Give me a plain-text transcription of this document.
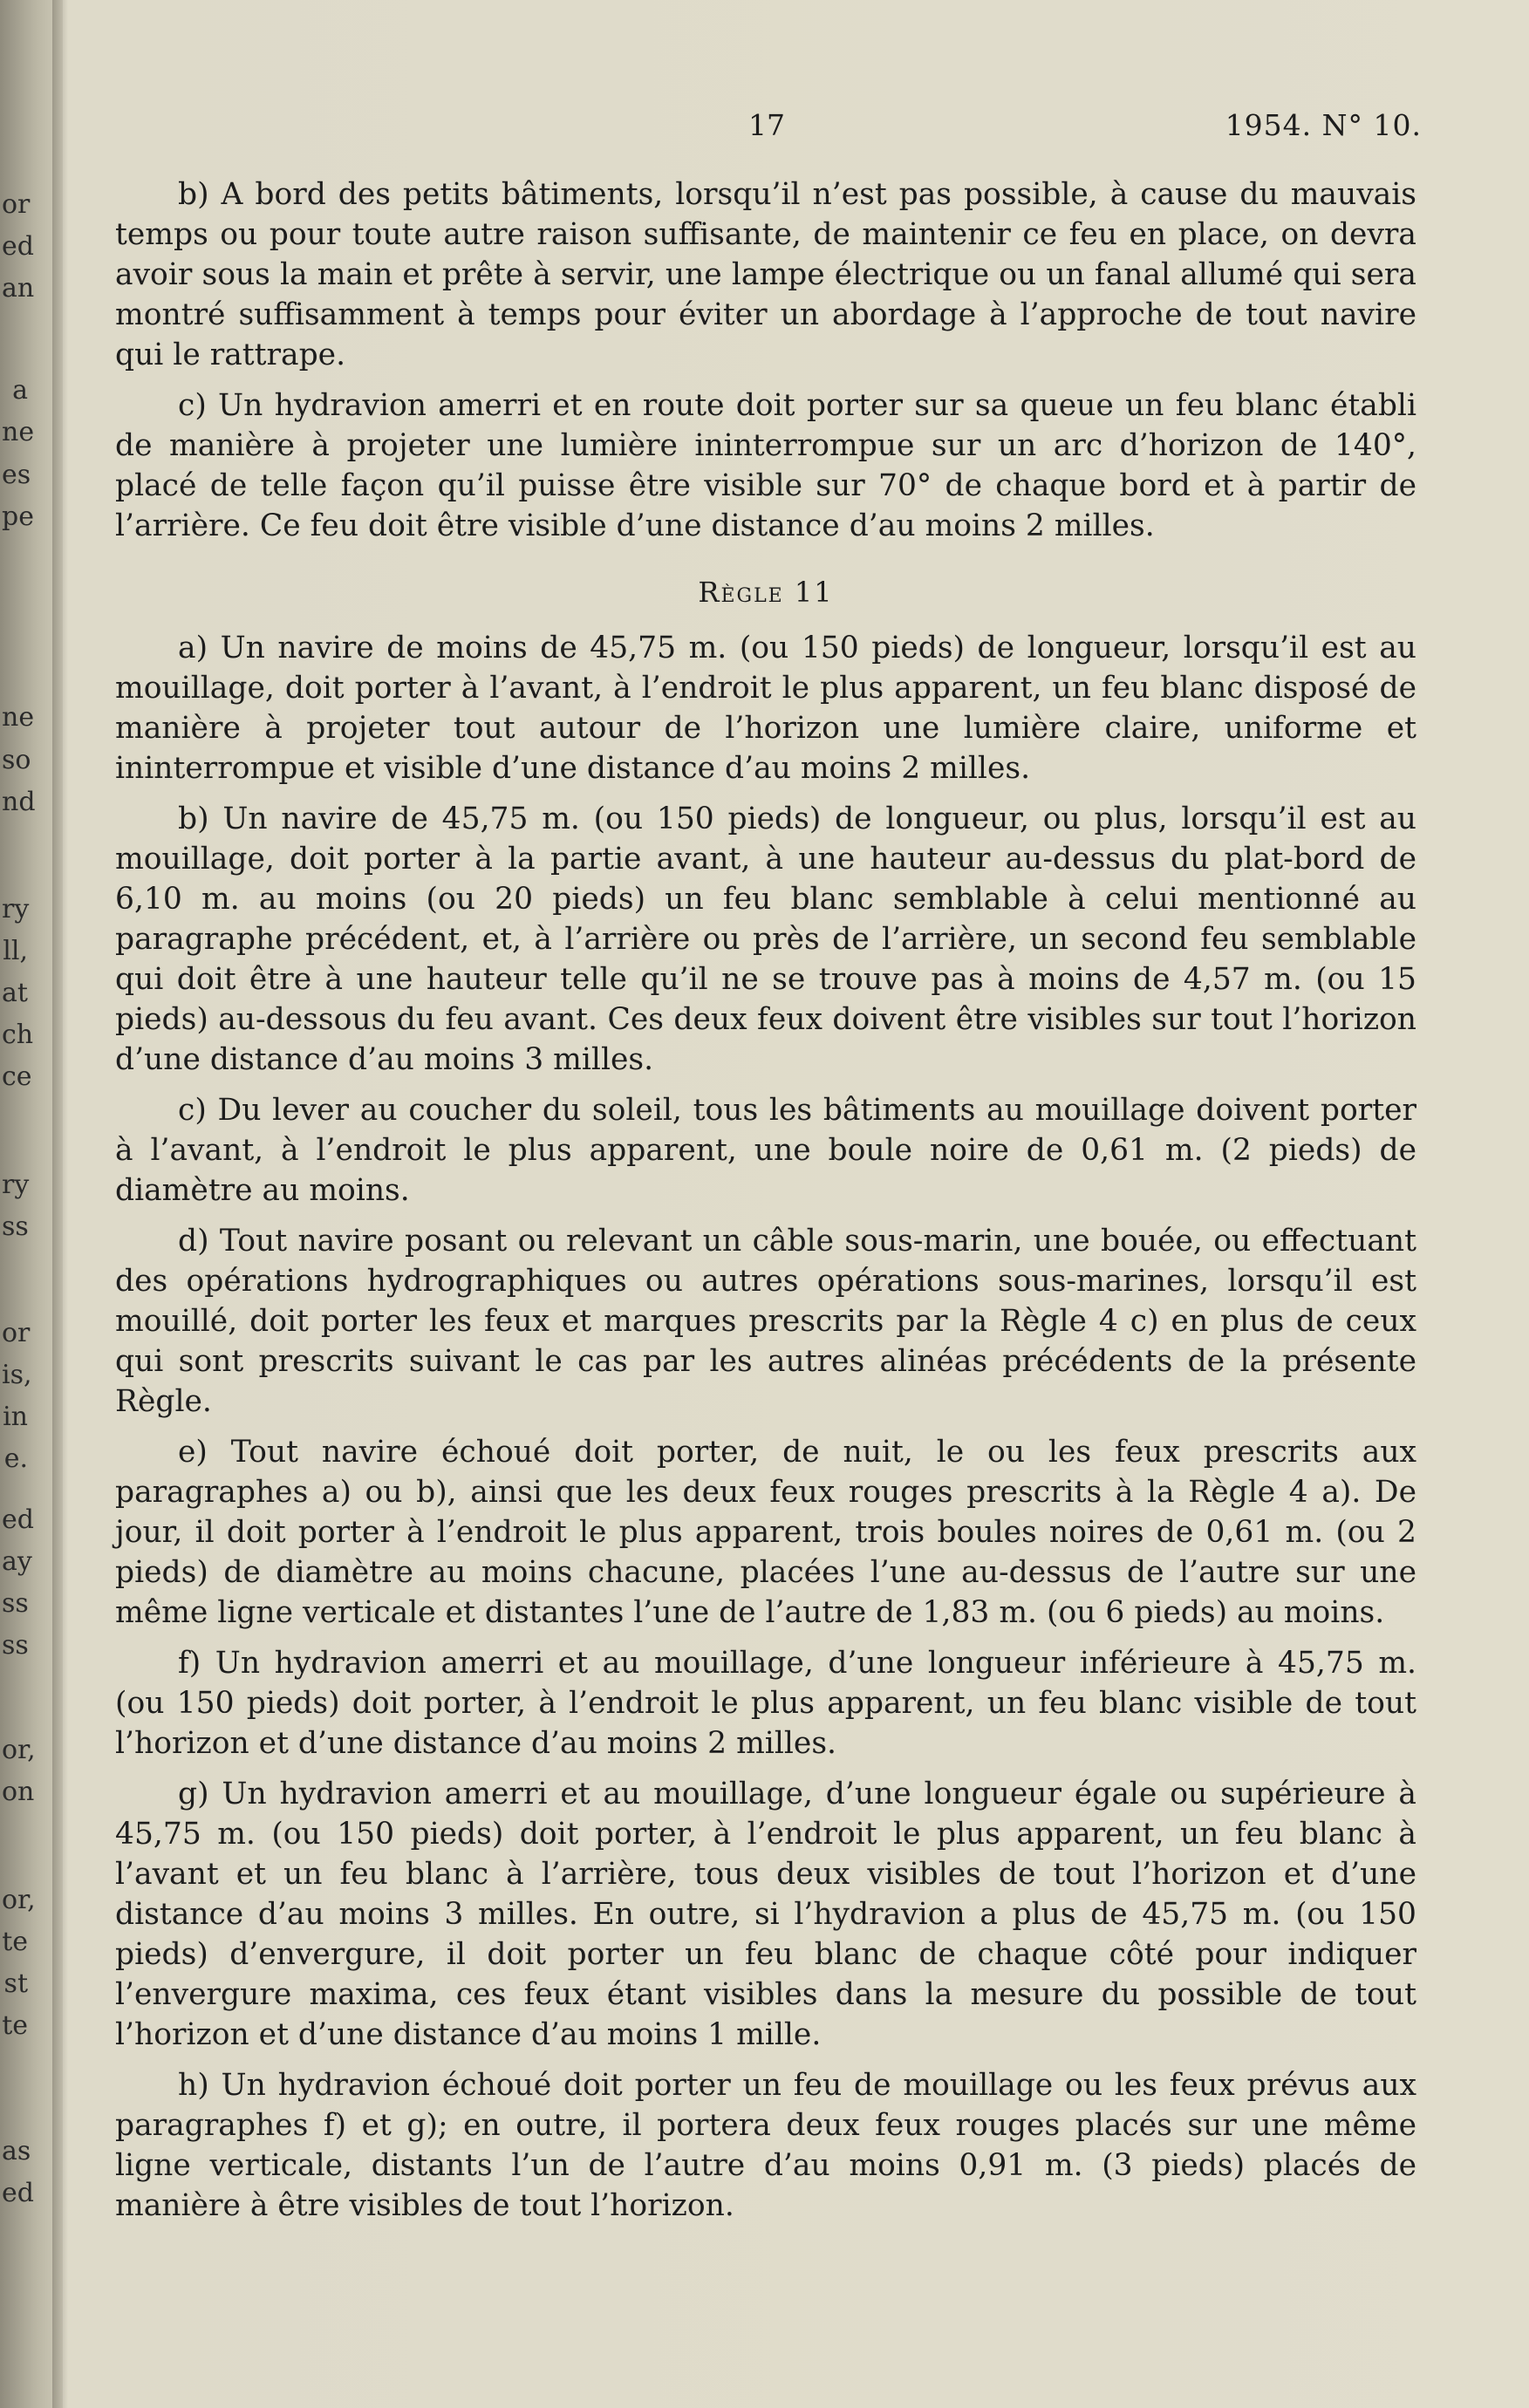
or
ed
an
a
ne
es
pe
ne
so
nd
ry
ll,
at
ch
ce
ry
ss
or
is,
in
e.
ed
ay
ss
ss
or,
on
or,
te
st
te
as
ed
17	1954. N° 10.

b) A bord des petits bâtiments, lorsqu’il n’est pas possible, à cause du mauvais temps ou pour toute autre raison suffisante, de maintenir ce feu en place, on devra avoir sous la main et prête à servir, une lampe électrique ou un fanal allumé qui sera montré suffisamment à temps pour éviter un abordage à l’approche de tout navire qui le rattrape.

c) Un hydravion amerri et en route doit porter sur sa queue un feu blanc établi de manière à projeter une lumière ininterrompue sur un arc d’horizon de 140°, placé de telle façon qu’il puisse être visible sur 70° de chaque bord et à partir de l’arrière. Ce feu doit être visible d’une distance d’au moins 2 milles.

Règle 11

a) Un navire de moins de 45,75 m. (ou 150 pieds) de longueur, lorsqu’il est au mouillage, doit porter à l’avant, à l’endroit le plus apparent, un feu blanc disposé de manière à projeter tout autour de l’horizon une lumière claire, uniforme et ininterrompue et visible d’une distance d’au moins 2 milles.

b) Un navire de 45,75 m. (ou 150 pieds) de longueur, ou plus, lorsqu’il est au mouillage, doit porter à la partie avant, à une hauteur au-dessus du plat-bord de 6,10 m. au moins (ou 20 pieds) un feu blanc semblable à celui mentionné au paragraphe précédent, et, à l’arrière ou près de l’arrière, un second feu semblable qui doit être à une hauteur telle qu’il ne se trouve pas à moins de 4,57 m. (ou 15 pieds) au-dessous du feu avant. Ces deux feux doivent être visibles sur tout l’horizon d’une distance d’au moins 3 milles.

c) Du lever au coucher du soleil, tous les bâtiments au mouillage doivent porter à l’avant, à l’endroit le plus apparent, une boule noire de 0,61 m. (2 pieds) de diamètre au moins.

d) Tout navire posant ou relevant un câble sous-marin, une bouée, ou effectuant des opérations hydrographiques ou autres opérations sous-marines, lorsqu’il est mouillé, doit porter les feux et marques prescrits par la Règle 4 c) en plus de ceux qui sont prescrits suivant le cas par les autres alinéas précédents de la présente Règle.

e) Tout navire échoué doit porter, de nuit, le ou les feux prescrits aux paragraphes a) ou b), ainsi que les deux feux rouges prescrits à la Règle 4 a). De jour, il doit porter à l’endroit le plus apparent, trois boules noires de 0,61 m. (ou 2 pieds) de diamètre au moins chacune, placées l’une au-dessus de l’autre sur une même ligne verticale et distantes l’une de l’autre de 1,83 m. (ou 6 pieds) au moins.

f) Un hydravion amerri et au mouillage, d’une longueur inférieure à 45,75 m. (ou 150 pieds) doit porter, à l’endroit le plus apparent, un feu blanc visible de tout l’horizon et d’une distance d’au moins 2 milles.

g) Un hydravion amerri et au mouillage, d’une longueur égale ou supérieure à 45,75 m. (ou 150 pieds) doit porter, à l’endroit le plus apparent, un feu blanc à l’avant et un feu blanc à l’arrière, tous deux visibles de tout l’horizon et d’une distance d’au moins 3 milles. En outre, si l’hydravion a plus de 45,75 m. (ou 150 pieds) d’envergure, il doit porter un feu blanc de chaque côté pour indiquer l’envergure maxima, ces feux étant visibles dans la mesure du possible de tout l’horizon et d’une distance d’au moins 1 mille.

h) Un hydravion échoué doit porter un feu de mouillage ou les feux prévus aux paragraphes f) et g); en outre, il portera deux feux rouges placés sur une même ligne verticale, distants l’un de l’autre d’au moins 0,91 m. (3 pieds) placés de manière à être visibles de tout l’horizon.
